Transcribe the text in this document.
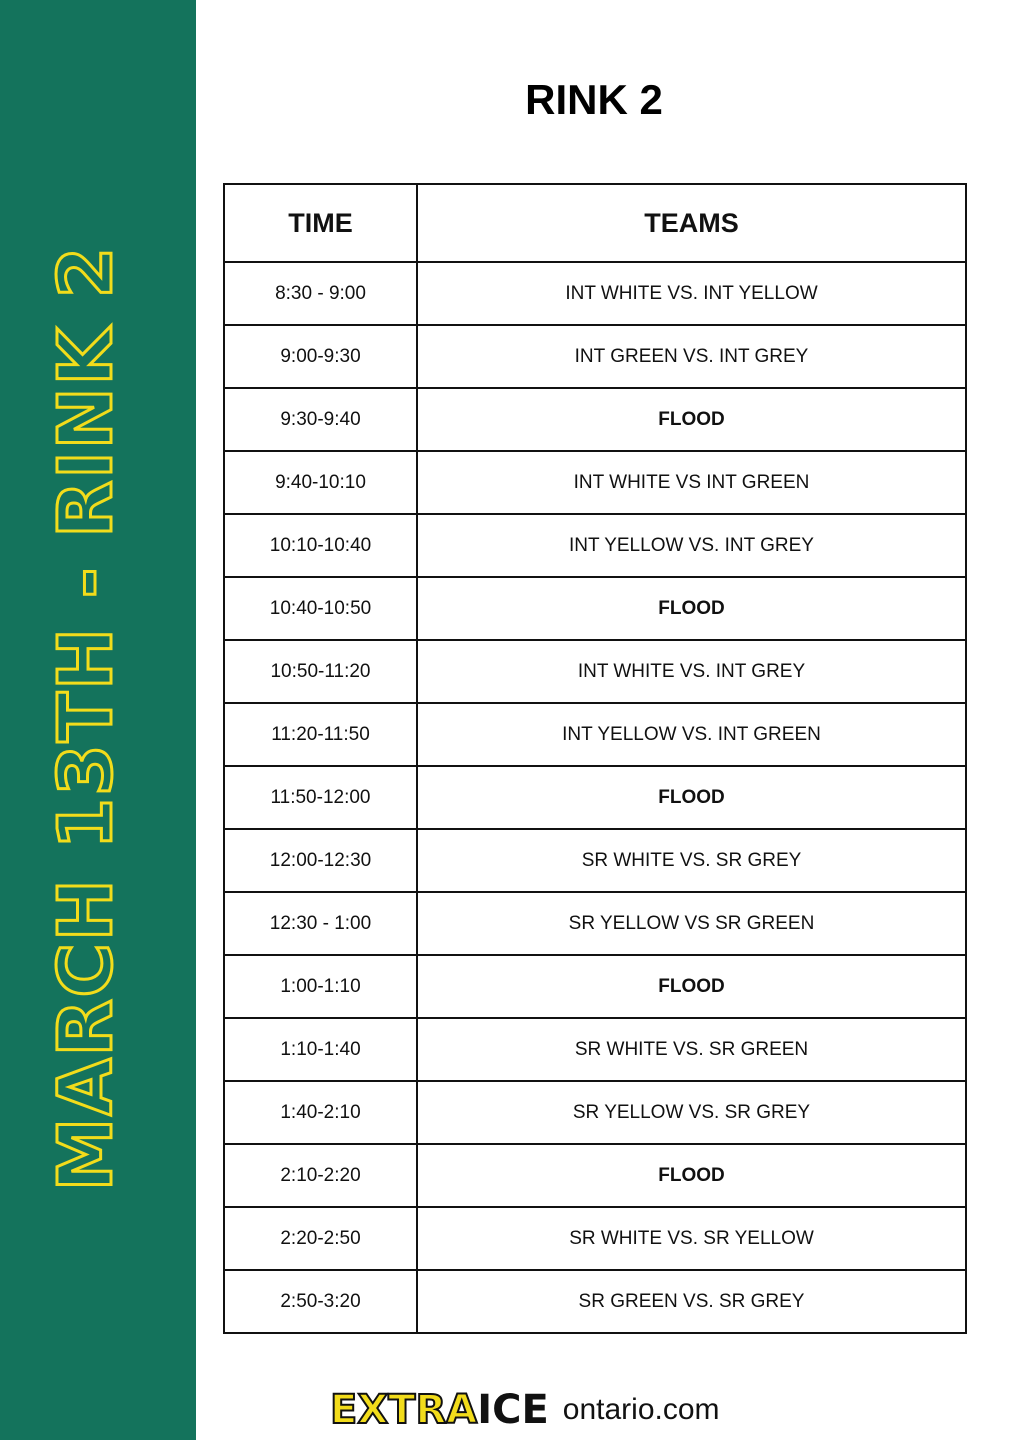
MARCH 13TH - RINK 2
RINK 2
TIME	TEAMS
8:30 - 9:00	INT WHITE VS. INT YELLOW
9:00-9:30	INT GREEN VS. INT GREY
9:30-9:40	FLOOD
9:40-10:10	INT WHITE VS INT GREEN
10:10-10:40	INT YELLOW VS. INT GREY
10:40-10:50	FLOOD
10:50-11:20	INT WHITE VS. INT GREY
11:20-11:50	INT YELLOW VS. INT GREEN
11:50-12:00	FLOOD
12:00-12:30	SR WHITE VS. SR GREY
12:30 - 1:00	SR YELLOW VS SR GREEN
1:00-1:10	FLOOD
1:10-1:40	SR WHITE VS. SR GREEN
1:40-2:10	SR YELLOW VS. SR GREY
2:10-2:20	FLOOD
2:20-2:50	SR WHITE VS. SR YELLOW
2:50-3:20	SR GREEN VS. SR GREY
EX TRA ICE ontario.com
